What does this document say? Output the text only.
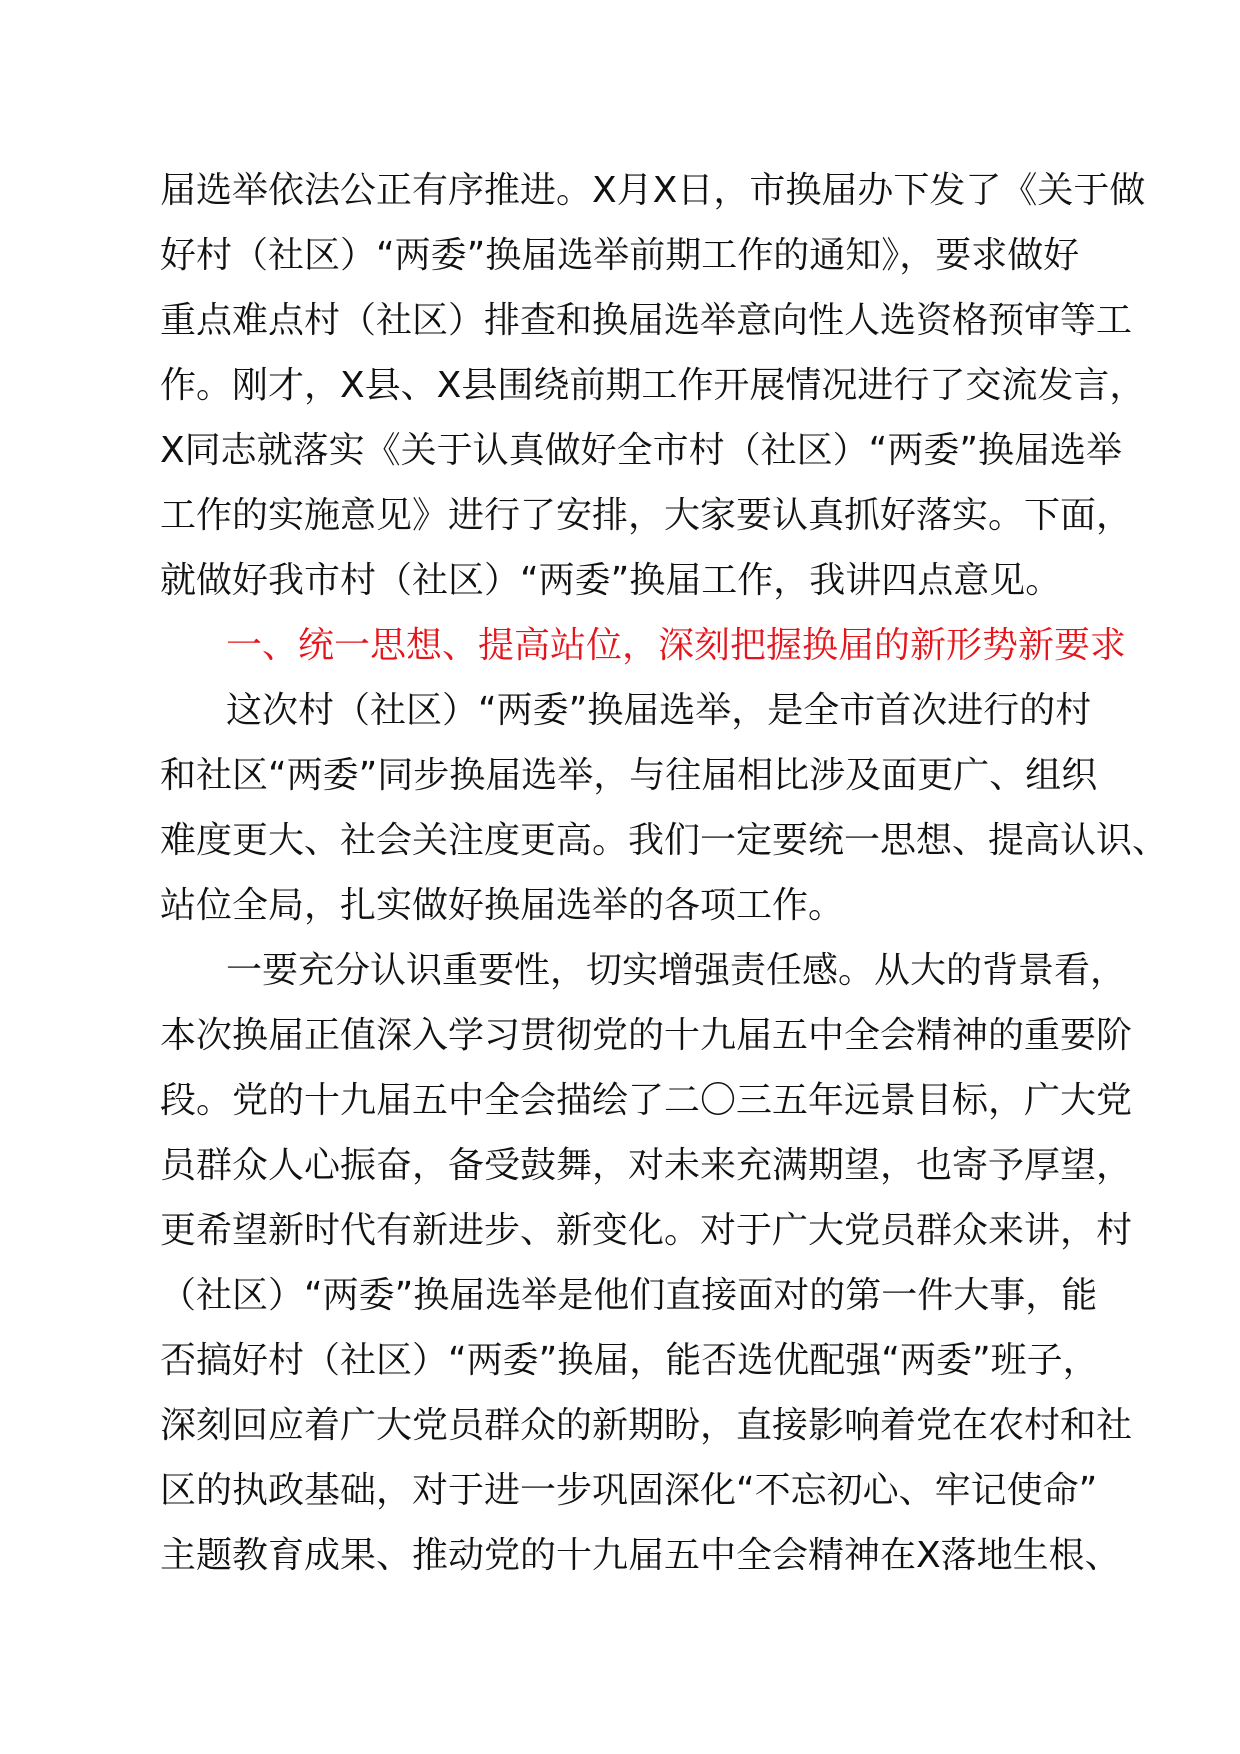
届选举依法公正有序推进。X月X日，市换届办下发了《关于做
好村（社区）“两委”换届选举前期工作的通知》，要求做好
重点难点村（社区）排查和换届选举意向性人选资格预审等工
作。刚才，X县、X县围绕前期工作开展情况进行了交流发言，
X同志就落实《关于认真做好全市村（社区）“两委”换届选举
工作的实施意见》进行了安排，大家要认真抓好落实。下面，
就做好我市村（社区）“两委”换届工作，我讲四点意见。
一、统一思想、提高站位，深刻把握换届的新形势新要求
这次村（社区）“两委”换届选举，是全市首次进行的村
和社区“两委”同步换届选举，与往届相比涉及面更广、组织
难度更大、社会关注度更高。我们一定要统一思想、提高认识、
站位全局，扎实做好换届选举的各项工作。
一要充分认识重要性，切实增强责任感。从大的背景看，
本次换届正值深入学习贯彻党的十九届五中全会精神的重要阶
段。党的十九届五中全会描绘了二〇三五年远景目标，广大党
员群众人心振奋，备受鼓舞，对未来充满期望，也寄予厚望，
更希望新时代有新进步、新变化。对于广大党员群众来讲，村
（社区）“两委”换届选举是他们直接面对的第一件大事，能
否搞好村（社区）“两委”换届，能否选优配强“两委”班子，
深刻回应着广大党员群众的新期盼，直接影响着党在农村和社
区的执政基础，对于进一步巩固深化“不忘初心、牢记使命”
主题教育成果、推动党的十九届五中全会精神在X落地生根、
